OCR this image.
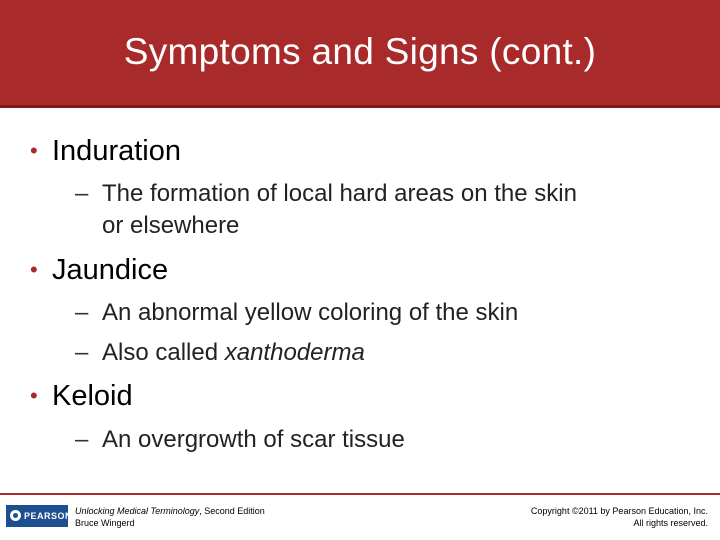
Symptoms and Signs (cont.)
• Induration
– The formation of local hard areas on the skin
or elsewhere
• Jaundice
– An abnormal yellow coloring of the skin
– Also called xanthoderma
• Keloid
– An overgrowth of scar tissue
PEARSON Unlocking Medical Terminology, Second Edition
Bruce Wingerd
Copyright ©2011 by Pearson Education, Inc.
All rights reserved.
